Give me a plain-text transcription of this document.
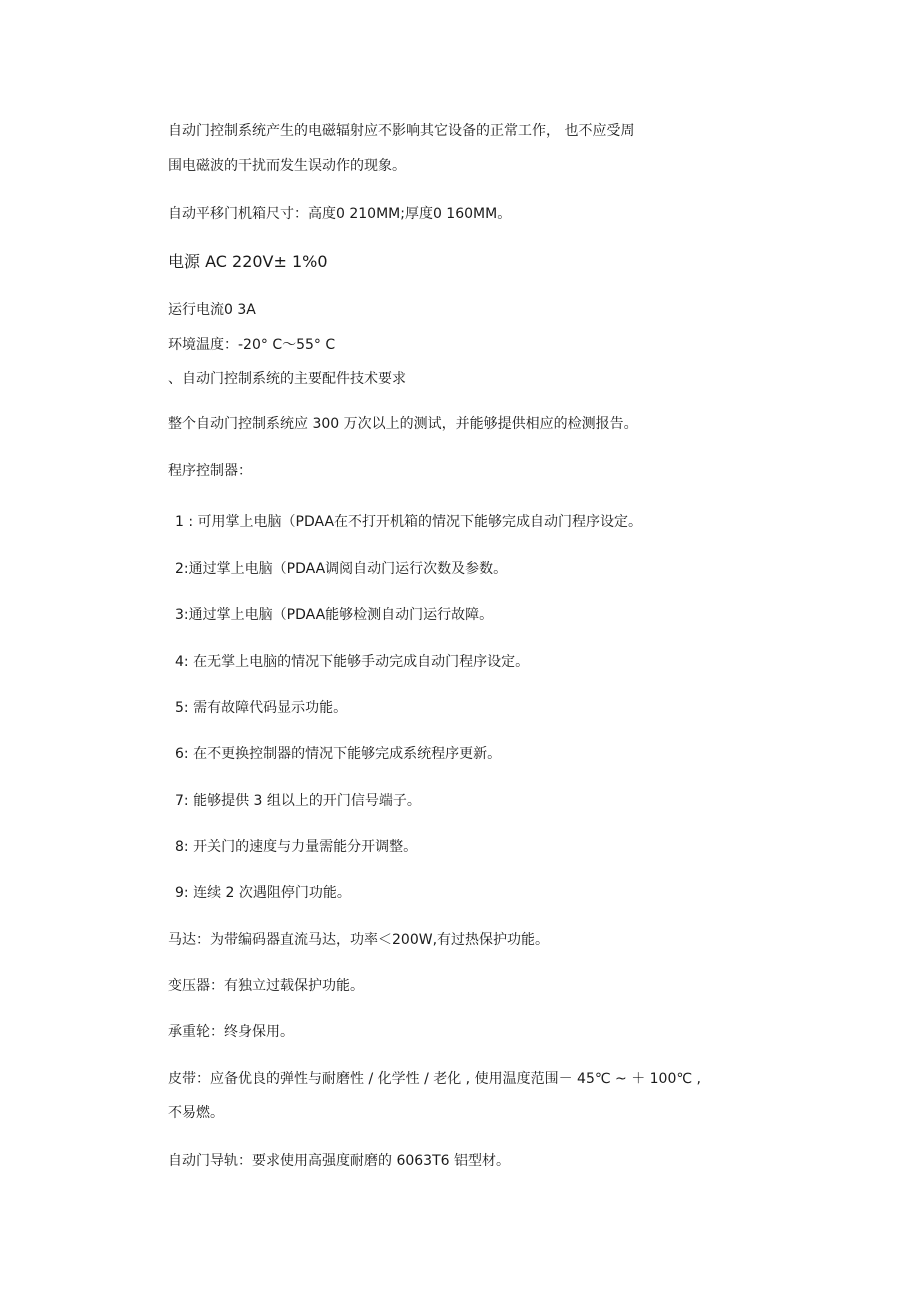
自动门控制系统产生的电磁辐射应不影响其它设备的正常工作， 也不应受周
围电磁波的干扰而发生误动作的现象。
自动平移门机箱尺寸：高度0 210MM;厚度0 160MM。
电源 AC 220V± 1%0
运行电流0 3A
环境温度：-20° C～55° C
、自动门控制系统的主要配件技术要求
整个自动门控制系统应 300 万次以上的测试，并能够提供相应的检测报告。
程序控制器：
1 : 可用掌上电脑（PDAA在不打开机箱的情况下能够完成自动门程序设定。
2:通过掌上电脑（PDAA调阅自动门运行次数及参数。
3:通过掌上电脑（PDAA能够检测自动门运行故障。
4: 在无掌上电脑的情况下能够手动完成自动门程序设定。
5: 需有故障代码显示功能。
6: 在不更换控制器的情况下能够完成系统程序更新。
7: 能够提供 3 组以上的开门信号端子。
8: 开关门的速度与力量需能分开调整。
9: 连续 2 次遇阻停门功能。
马达：为带编码器直流马达，功率＜200W,有过热保护功能。
变压器：有独立过载保护功能。
承重轮：终身保用。
皮带：应备优良的弹性与耐磨性 / 化学性 / 老化 , 使用温度范围－ 45℃ ~ ＋ 100℃ ,
不易燃。
自动门导轨：要求使用高强度耐磨的 6063T6 铝型材。
